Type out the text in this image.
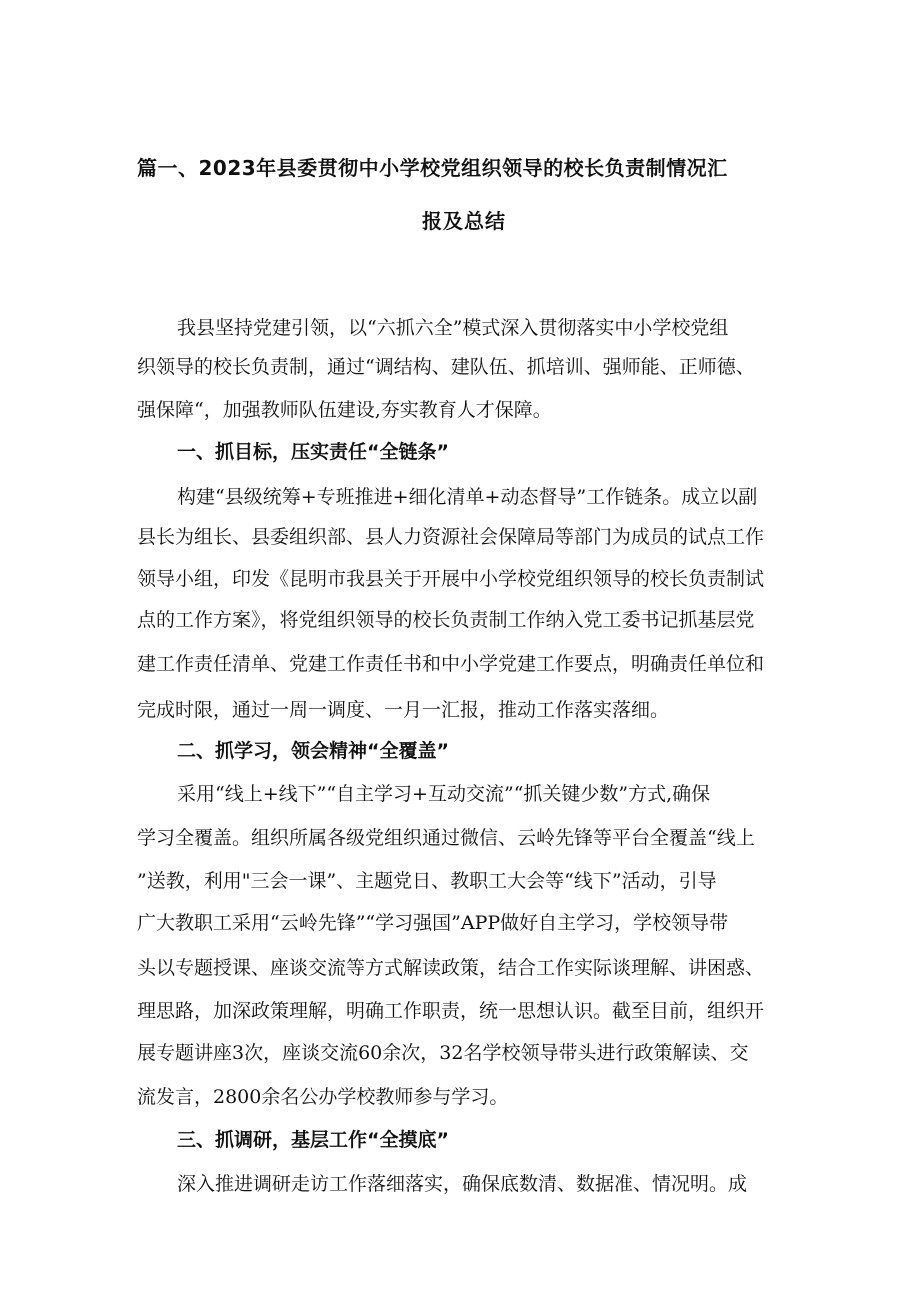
篇一、2023年县委贯彻中小学校党组织领导的校长负责制情况汇
报及总结
我县坚持党建引领，以“六抓六全”模式深入贯彻落实中小学校党组
织领导的校长负责制，通过“调结构、建队伍、抓培训、强师能、正师德、
强保障“，加强教师队伍建设,夯实教育人才保障。
一、抓目标，压实责任“全链条”
构建“县级统筹+专班推进+细化清单+动态督导”工作链条。成立以副
县长为组长、县委组织部、县人力资源社会保障局等部门为成员的试点工作
领导小组，印发《昆明市我县关于开展中小学校党组织领导的校长负责制试
点的工作方案》，将党组织领导的校长负责制工作纳入党工委书记抓基层党
建工作责任清单、党建工作责任书和中小学党建工作要点，明确责任单位和
完成时限，通过一周一调度、一月一汇报，推动工作落实落细。
二、抓学习，领会精神“全覆盖”
采用“线上+线下”“自主学习+互动交流”“抓关键少数”方式,确保
学习全覆盖。组织所属各级党组织通过微信、云岭先锋等平台全覆盖“线上
”送教，利用"三会一课”、主题党日、教职工大会等“线下”活动，引导
广大教职工采用“云岭先锋”“学习强国”APP做好自主学习，学校领导带
头以专题授课、座谈交流等方式解读政策，结合工作实际谈理解、讲困惑、
理思路，加深政策理解，明确工作职责，统一思想认识。截至目前，组织开
展专题讲座3次，座谈交流60余次，32名学校领导带头进行政策解读、交
流发言，2800余名公办学校教师参与学习。
三、抓调研，基层工作“全摸底”
深入推进调研走访工作落细落实，确保底数清、数据准、情况明。成
